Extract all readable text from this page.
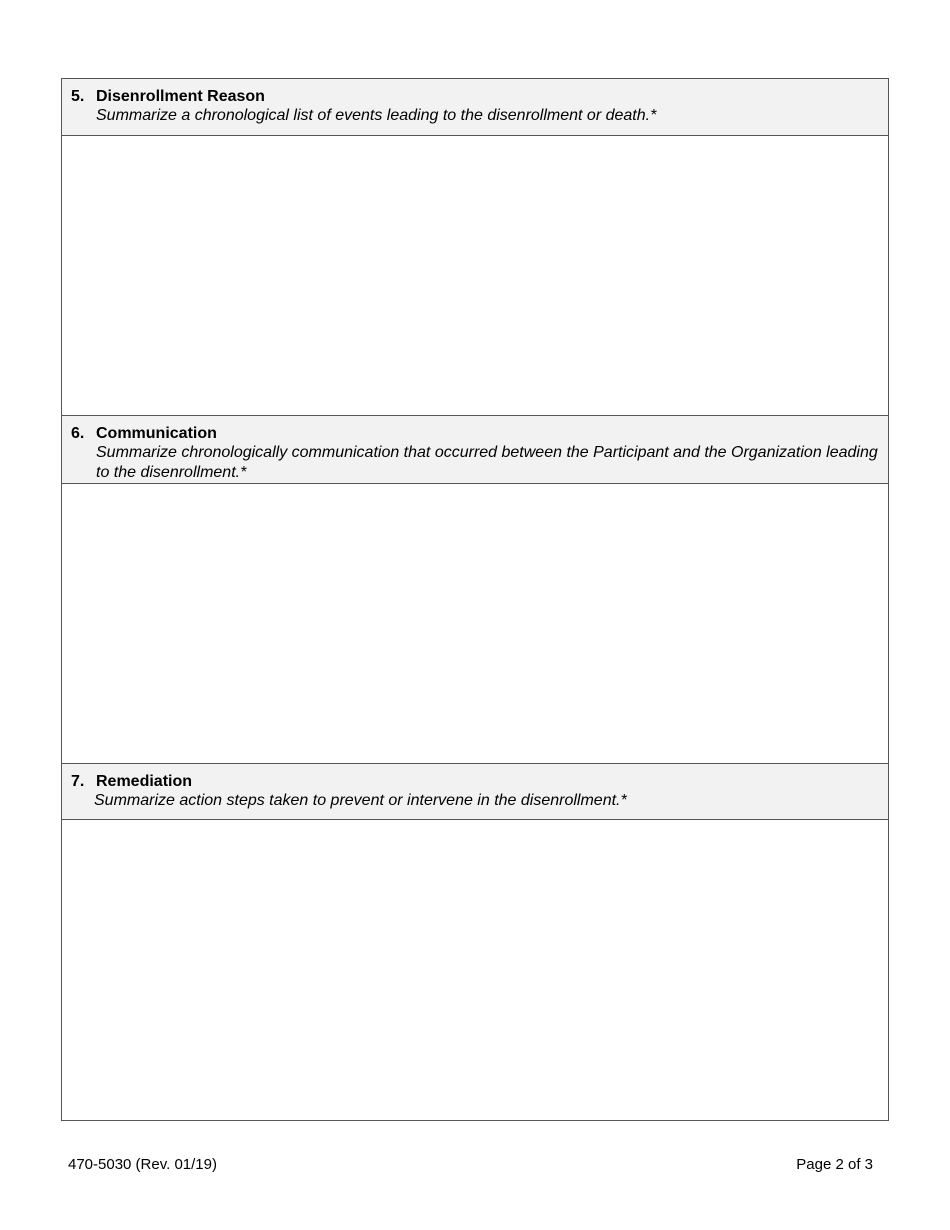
5. Disenrollment Reason
Summarize a chronological list of events leading to the disenrollment or death.*
6. Communication
Summarize chronologically communication that occurred between the Participant and the Organization leading to the disenrollment.*
7. Remediation
Summarize action steps taken to prevent or intervene in the disenrollment.*
470-5030 (Rev. 01/19)	Page 2 of 3
